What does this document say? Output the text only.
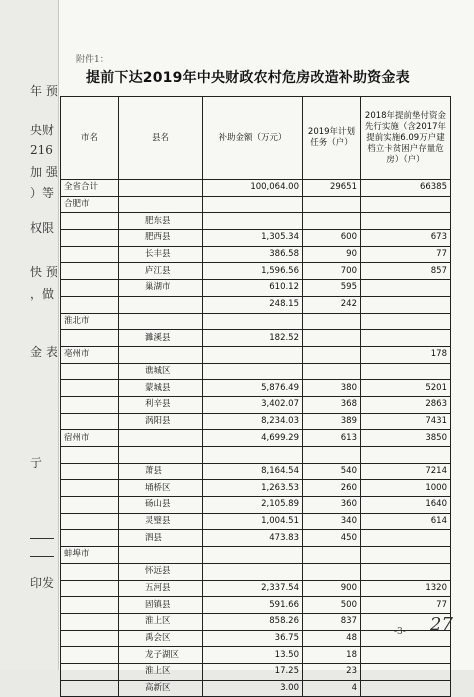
年 预
央财
216
加 强
）等
权限
快 预
，做
金 表
亍
印发
附件1：
提前下达2019年中央财政农村危房改造补助资金表
市名	县名	补助金额（万元）	2019年计划任务（户）	2018年提前垫付资金先行实施（含2017年提前实施6.09万户建档立卡贫困户存量危房）（户）
全省合计		100,064.00	29651	66385
合肥市				
	肥东县			
	肥西县	1,305.34	600	673
	长丰县	386.58	90	77
	庐江县	1,596.56	700	857
	巢湖市	610.12	595	
		248.15	242	
淮北市				
	濉溪县	182.52		
亳州市				178
	谯城区			
	蒙城县	5,876.49	380	5201
	利辛县	3,402.07	368	2863
	涡阳县	8,234.03	389	7431
宿州市		4,699.29	613	3850

	萧县	8,164.54	540	7214
	埇桥区	1,263.53	260	1000
	砀山县	2,105.89	360	1640
	灵璧县	1,004.51	340	614
	泗县	473.83	450	
蚌埠市				
	怀远县			
	五河县	2,337.54	900	1320
	固镇县	591.66	500	77
	淮上区	858.26	837	
	禹会区	36.75	48	
	龙子湖区	13.50	18	
	淮上区	17.25	23	
	高新区	3.00	4	
-3- 27
